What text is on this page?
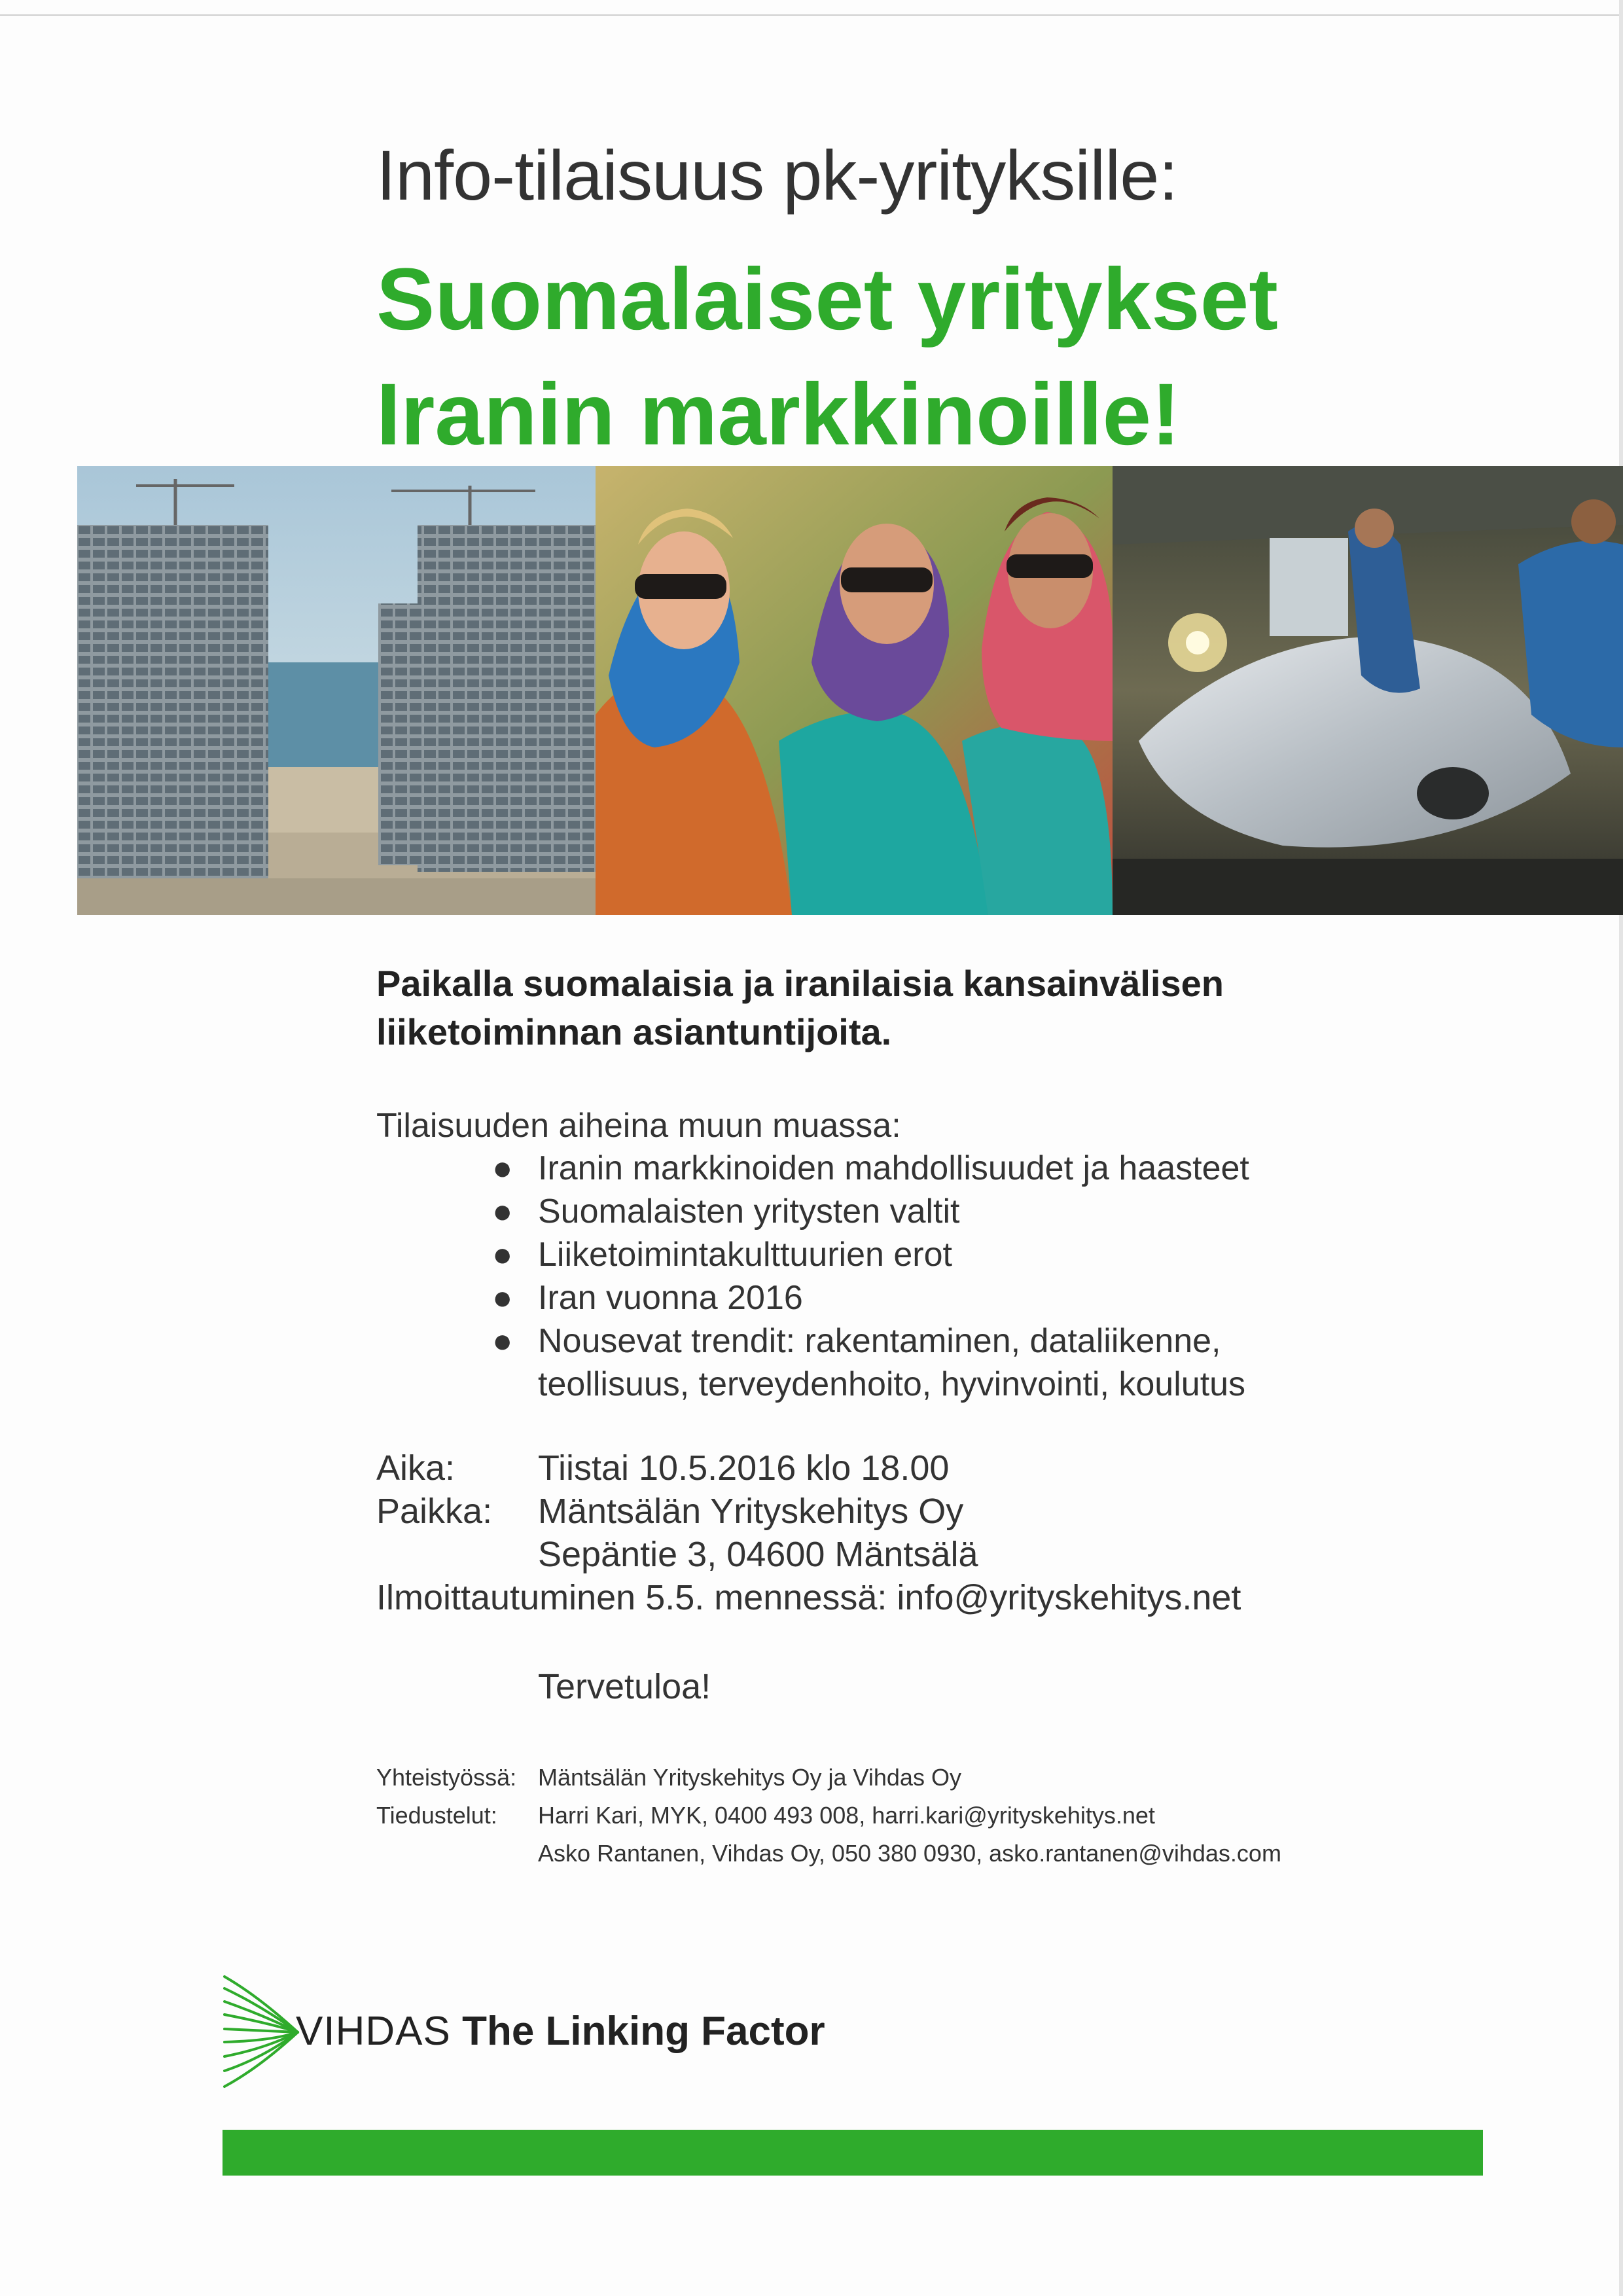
Info-tilaisuus pk-yrityksille:
Suomalaiset yritykset
Iranin markkinoille!
Paikalla suomalaisia ja iranilaisia kansainvälisen
liiketoiminnan asiantuntijoita.
Tilaisuuden aiheina muun muassa:
● Iranin markkinoiden mahdollisuudet ja haasteet
● Suomalaisten yritysten valtit
● Liiketoimintakulttuurien erot
● Iran vuonna 2016
● Nousevat trendit: rakentaminen, dataliikenne,
teollisuus, terveydenhoito, hyvinvointi, koulutus
Aika: Tiistai 10.5.2016 klo 18.00
Paikka: Mäntsälän Yrityskehitys Oy
Sepäntie 3, 04600 Mäntsälä
Ilmoittautuminen 5.5. mennessä: info@yrityskehitys.net
Tervetuloa!
Yhteistyössä: Mäntsälän Yrityskehitys Oy ja Vihdas Oy
Tiedustelut: Harri Kari, MYK, 0400 493 008, harri.kari@yrityskehitys.net
Asko Rantanen, Vihdas Oy, 050 380 0930, asko.rantanen@vihdas.com
VIHDAS The Linking Factor
